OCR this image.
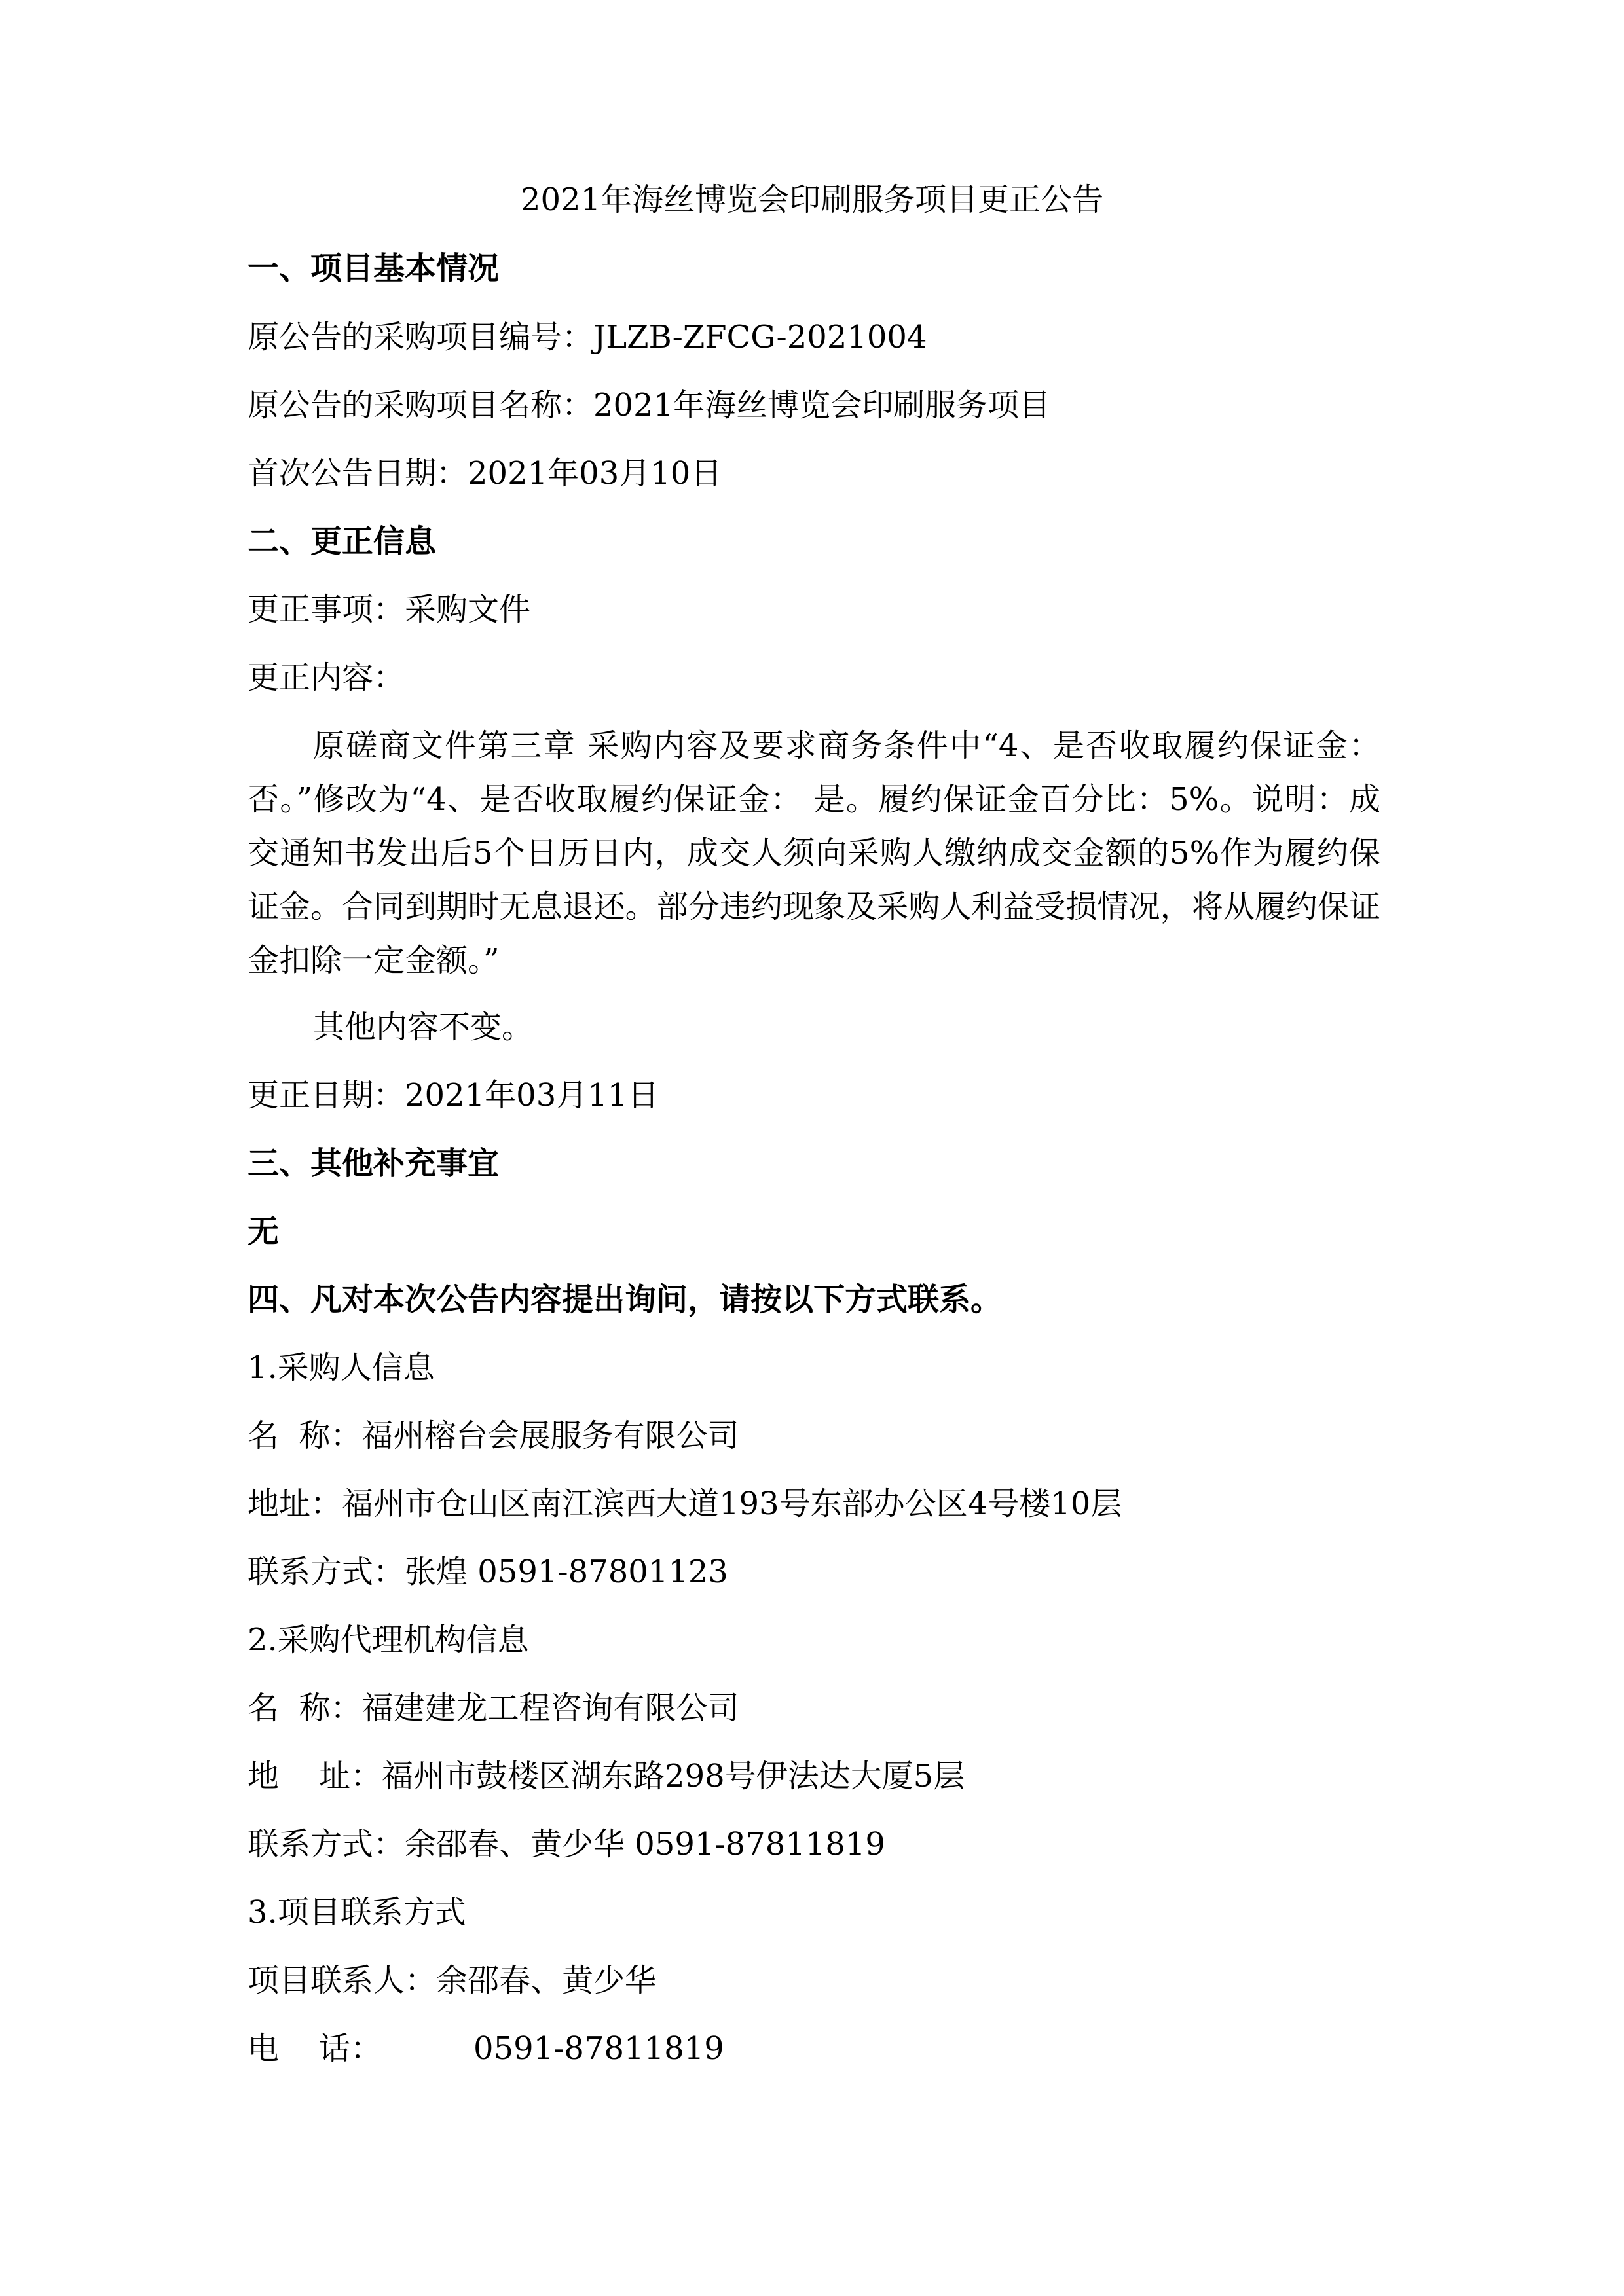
2021年海丝博览会印刷服务项目更正公告
一、项目基本情况
原公告的采购项目编号：JLZB-ZFCG-2021004
原公告的采购项目名称：2021年海丝博览会印刷服务项目
首次公告日期：2021年03月10日
二、更正信息
更正事项：采购文件
更正内容：
原磋商文件第三章 采购内容及要求商务条件中“4、是否收取履约保证金：否。”修改为“4、是否收取履约保证金： 是。履约保证金百分比：5%。说明：成交通知书发出后5个日历日内，成交人须向采购人缴纳成交金额的5%作为履约保证金。合同到期时无息退还。部分违约现象及采购人利益受损情况，将从履约保证金扣除一定金额。”
其他内容不变。
更正日期：2021年03月11日
三、其他补充事宜
无
四、凡对本次公告内容提出询问，请按以下方式联系。
1.采购人信息
名  称：福州榕台会展服务有限公司
地址：福州市仓山区南江滨西大道193号东部办公区4号楼10层
联系方式：张煌 0591-87801123
2.采购代理机构信息
名  称：福建建龙工程咨询有限公司
地    址：福州市鼓楼区湖东路298号伊法达大厦5层
联系方式：余邵春、黄少华 0591-87811819
3.项目联系方式
项目联系人：余邵春、黄少华
电    话：	0591-87811819
